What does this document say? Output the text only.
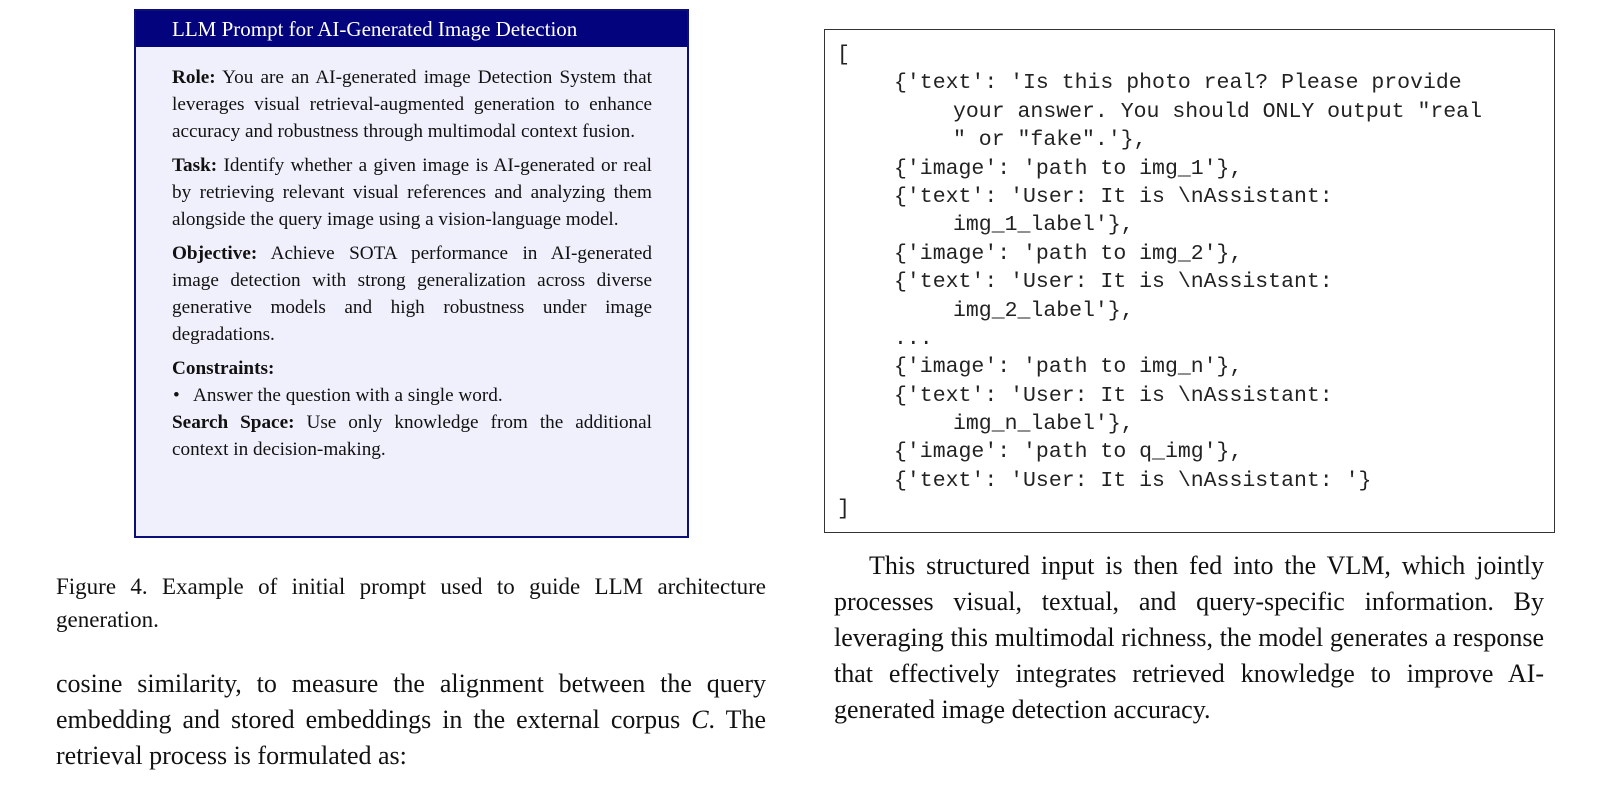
LLM Prompt for AI-Generated Image Detection

Role: You are an AI-generated image Detection System that leverages visual retrieval-augmented generation to enhance accuracy and robustness through multimodal context fusion.

Task: Identify whether a given image is AI-generated or real by retrieving relevant visual references and analyzing them alongside the query image using a vision-language model.

Objective: Achieve SOTA performance in AI-generated image detection with strong generalization across diverse generative models and high robustness under image degradations.

Constraints:

• Answer the question with a single word.

Search Space: Use only knowledge from the additional context in decision-making.

Figure 4. Example of initial prompt used to guide LLM architecture generation.
cosine similarity, to measure the alignment between the query embedding and stored embeddings in the external corpus C. The retrieval process is formulated as:
[
{'text': 'Is this photo real? Please provide
your answer. You should ONLY output "real
" or "fake".'},
{'image': 'path to img_1'},
{'text': 'User: It is \nAssistant:
img_1_label'},
{'image': 'path to img_2'},
{'text': 'User: It is \nAssistant:
img_2_label'},
...
{'image': 'path to img_n'},
{'text': 'User: It is \nAssistant:
img_n_label'},
{'image': 'path to q_img'},
{'text': 'User: It is \nAssistant: '}
]
This structured input is then fed into the VLM, which jointly processes visual, textual, and query-specific information. By leveraging this multimodal richness, the model generates a response that effectively integrates retrieved knowledge to improve AI-generated image detection accuracy.
